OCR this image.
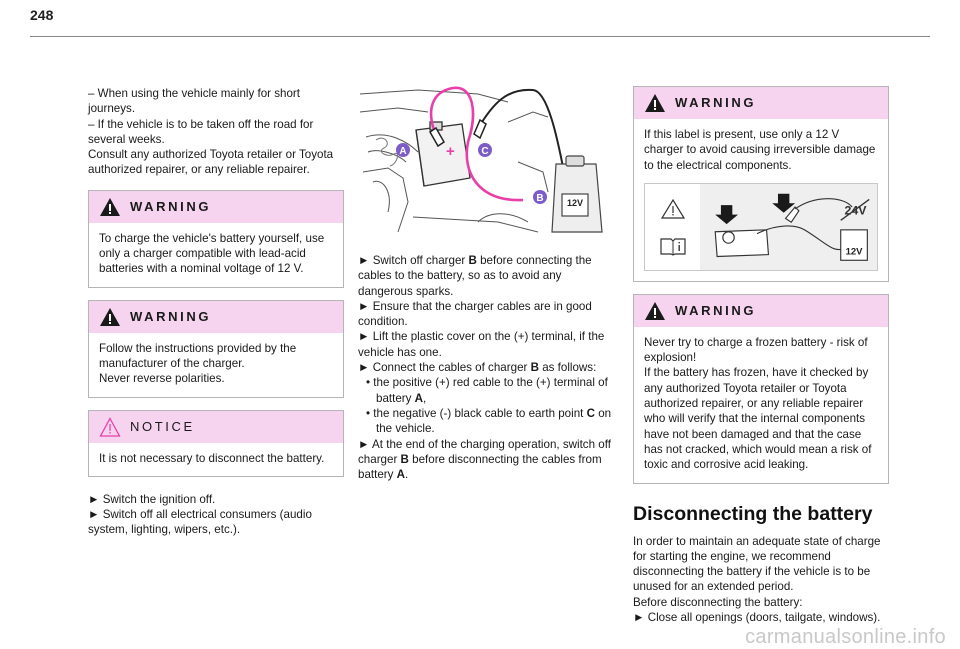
248

– When using the vehicle mainly for short journeys.

– If the vehicle is to be taken off the road for several weeks.

Consult any authorized Toyota retailer or Toyota authorized repairer, or any reliable repairer.

WARNING

To charge the vehicle's battery yourself, use only a charger compatible with lead-acid batteries with a nominal voltage of 12 V.

WARNING

Follow the instructions provided by the manufacturer of the charger.

Never reverse polarities.

NOTICE

It is not necessary to disconnect the battery.

► Switch the ignition off.

► Switch off all electrical consumers (audio system, lighting, wipers, etc.).

+
A	C
12V
B

► Switch off charger B before connecting the cables to the battery, so as to avoid any dangerous sparks.

► Ensure that the charger cables are in good condition.

► Lift the plastic cover on the (+) terminal, if the vehicle has one.

► Connect the cables of charger B as follows:

• the positive (+) red cable to the (+) terminal of battery A,
• the negative (-) black cable to earth point C on the vehicle.

► At the end of the charging operation, switch off charger B before disconnecting the cables from battery A.

WARNING

If this label is present, use only a 12 V charger to avoid causing irreversible damage to the electrical components.

24V
12V
WARNING

Never try to charge a frozen battery - risk of explosion!

If the battery has frozen, have it checked by any authorized Toyota retailer or Toyota authorized repairer, or any reliable repairer who will verify that the internal components have not been damaged and that the case has not cracked, which would mean a risk of toxic and corrosive acid leaking.

Disconnecting the battery

In order to maintain an adequate state of charge for starting the engine, we recommend disconnecting the battery if the vehicle is to be unused for an extended period.

Before disconnecting the battery:

► Close all openings (doors, tailgate, windows).

carmanualsonline.info
